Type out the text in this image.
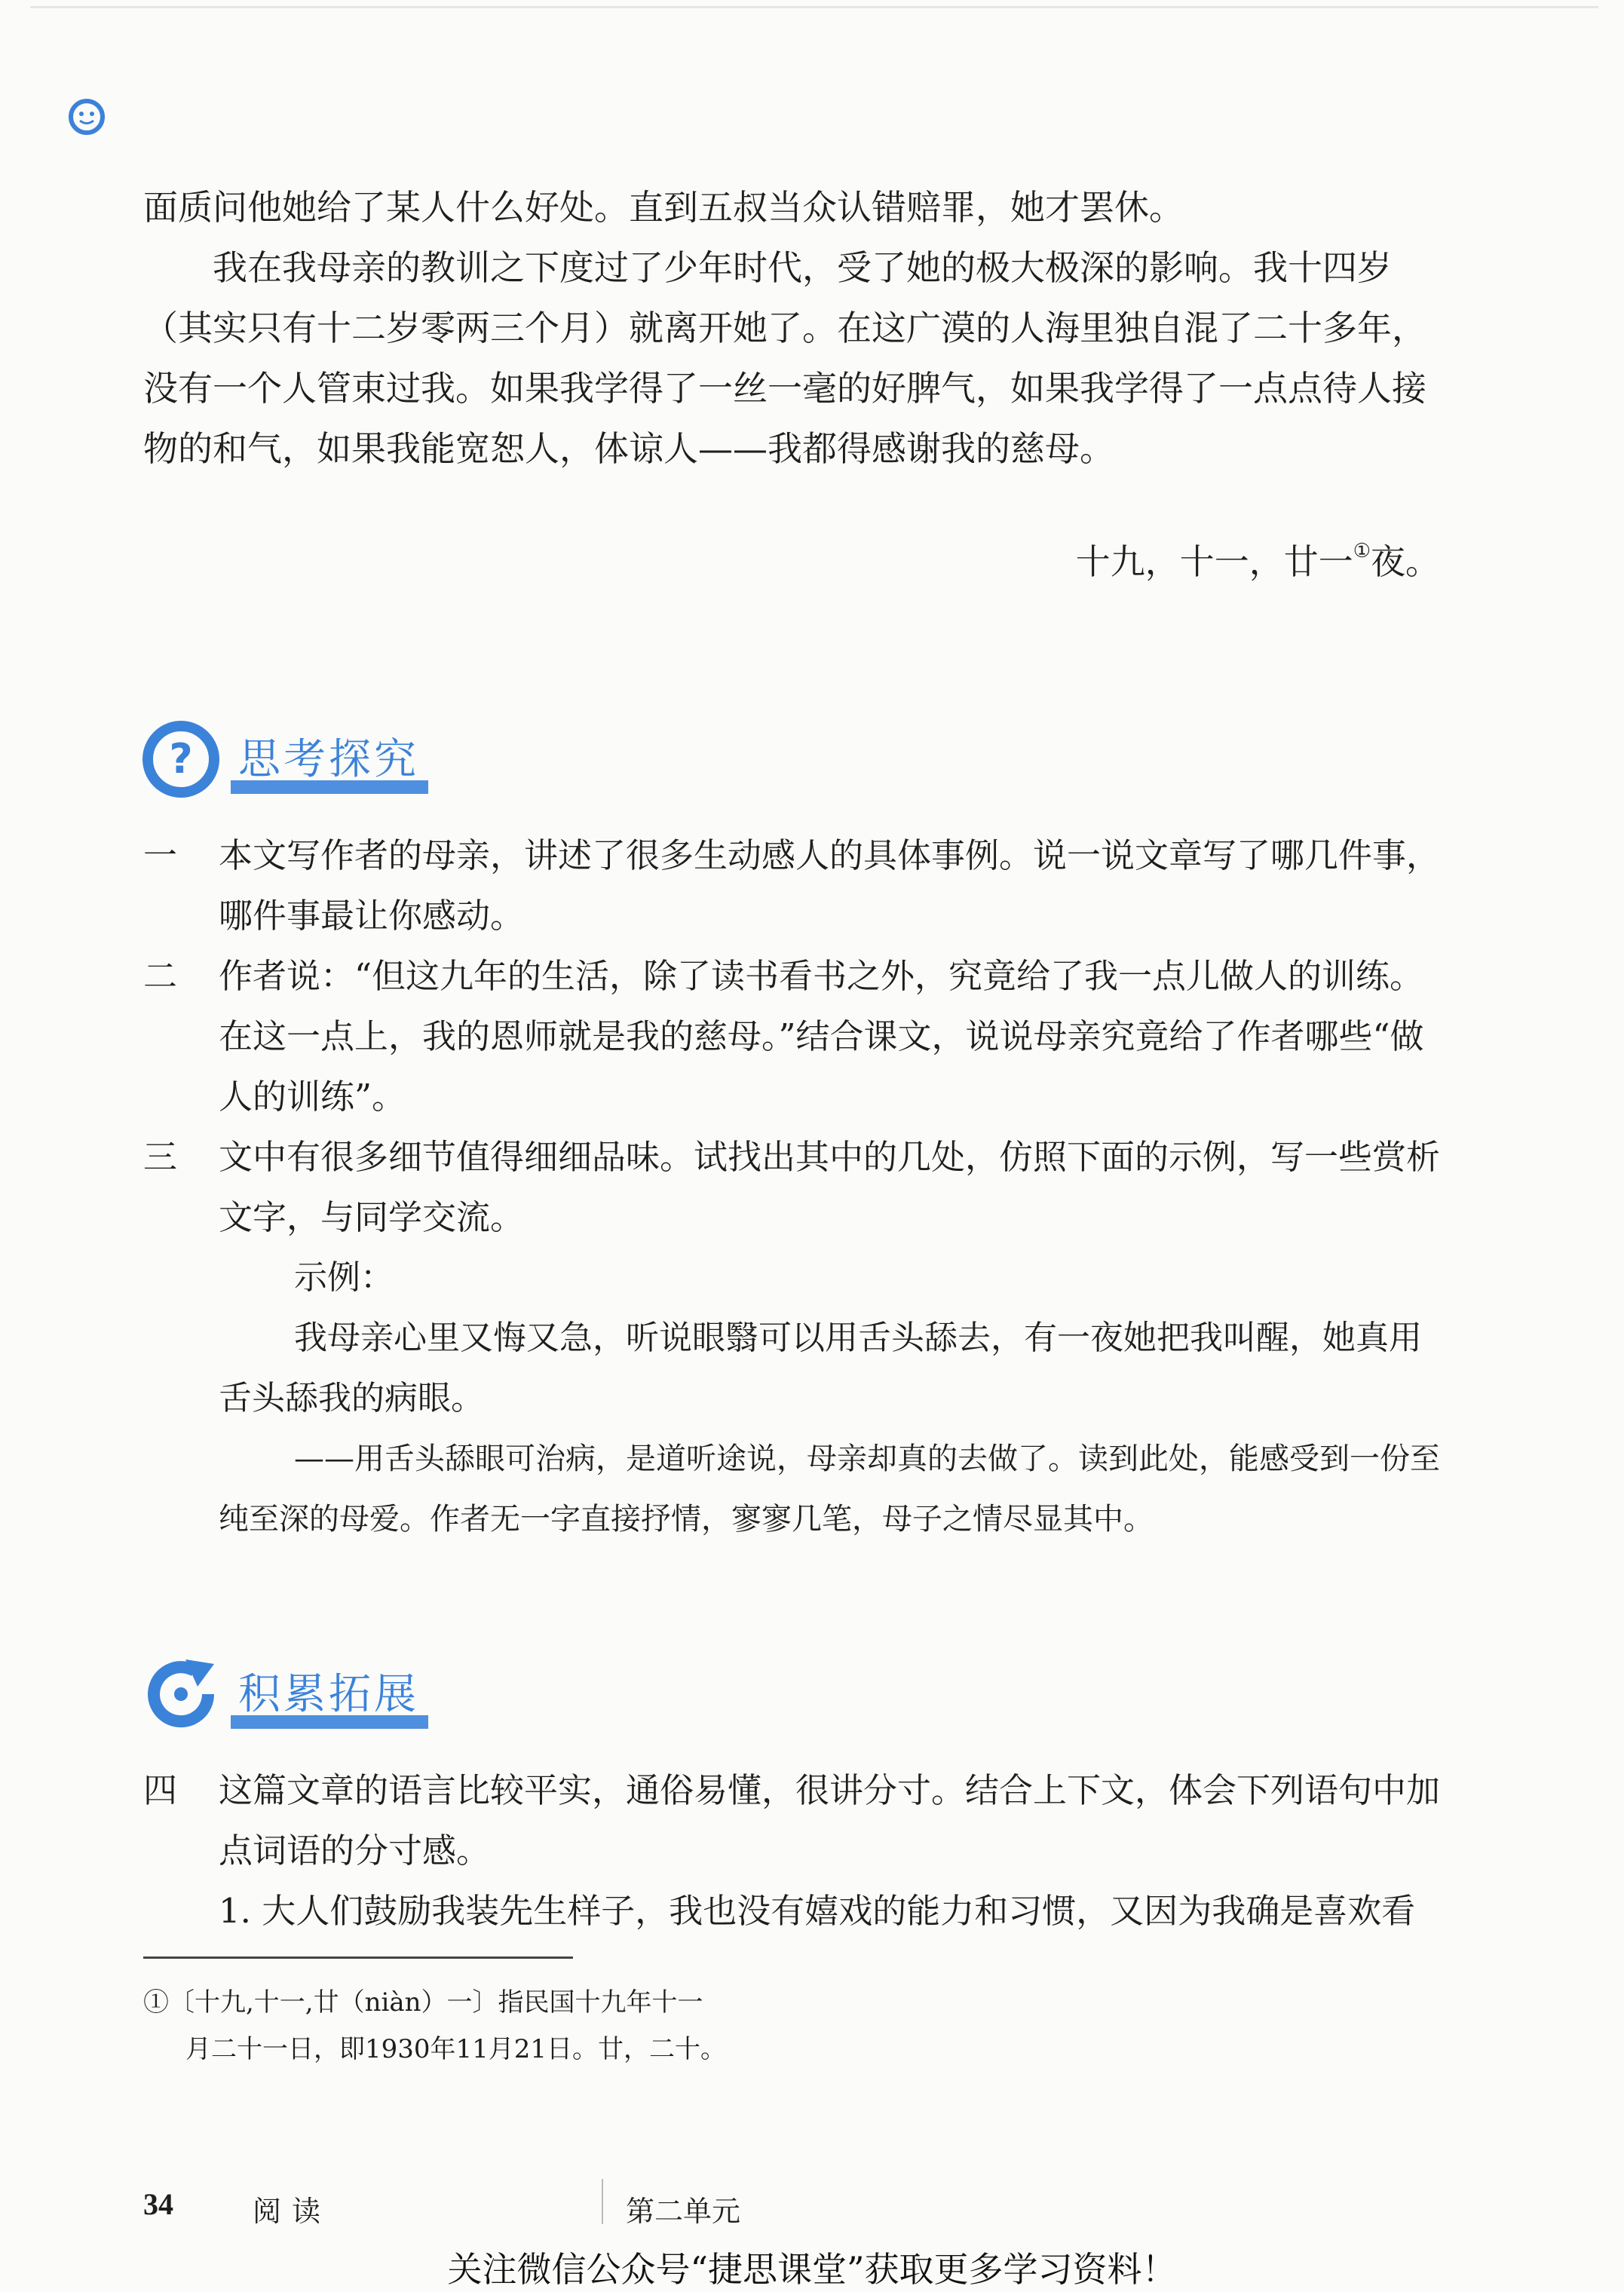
面质问他她给了某人什么好处。直到五叔当众认错赔罪，她才罢休。

我在我母亲的教训之下度过了少年时代，受了她的极大极深的影响。我十四岁（其实只有十二岁零两三个月）就离开她了。在这广漠的人海里独自混了二十多年，没有一个人管束过我。如果我学得了一丝一毫的好脾气，如果我学得了一点点待人接物的和气，如果我能宽恕人，体谅人——我都得感谢我的慈母。

十九，十一，廿一①夜。
? 思考探究
一	本文写作者的母亲，讲述了很多生动感人的具体事例。说一说文章写了哪几件事，哪件事最让你感动。
二	作者说：“但这九年的生活，除了读书看书之外，究竟给了我一点儿做人的训练。在这一点上，我的恩师就是我的慈母。”结合课文，说说母亲究竟给了作者哪些“做人的训练”。
三	文中有很多细节值得细细品味。试找出其中的几处，仿照下面的示例，写一些赏析文字，与同学交流。
示例：
我母亲心里又悔又急，听说眼翳可以用舌头舔去，有一夜她把我叫醒，她真用舌头舔我的病眼。
——用舌头舔眼可治病，是道听途说，母亲却真的去做了。读到此处，能感受到一份至纯至深的母爱。作者无一字直接抒情，寥寥几笔，母子之情尽显其中。
积累拓展
四	这篇文章的语言比较平实，通俗易懂，很讲分寸。结合上下文，体会下列语句中加点词语的分寸感。
1. 大人们鼓励我装先生样子，我也没有嬉戏的能力和习惯，又因为我确是喜欢看
①〔十九,十一,廿（niàn）一〕指民国十九年十一
月二十一日，即1930年11月21日。廿，二十。
34	阅读	第二单元
关注微信公众号“捷思课堂”获取更多学习资料！
